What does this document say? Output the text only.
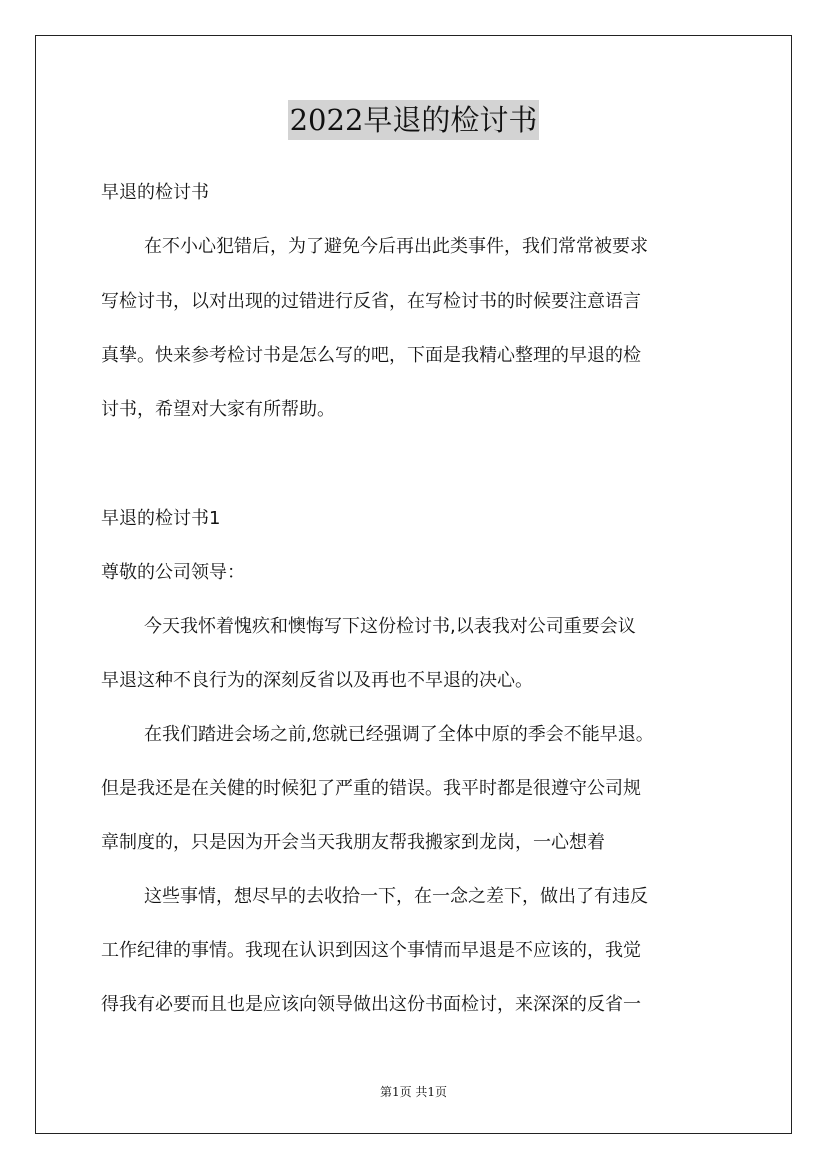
2022早退的检讨书
早退的检讨书
在不小心犯错后，为了避免今后再出此类事件，我们常常被要求
写检讨书，以对出现的过错进行反省，在写检讨书的时候要注意语言
真挚。快来参考检讨书是怎么写的吧，下面是我精心整理的早退的检
讨书，希望对大家有所帮助。
早退的检讨书1
尊敬的公司领导：
今天我怀着愧疚和懊悔写下这份检讨书,以表我对公司重要会议
早退这种不良行为的深刻反省以及再也不早退的决心。
在我们踏进会场之前,您就已经强调了全体中原的季会不能早退。
但是我还是在关健的时候犯了严重的错误。我平时都是很遵守公司规
章制度的，只是因为开会当天我朋友帮我搬家到龙岗，一心想着
这些事情，想尽早的去收拾一下，在一念之差下，做出了有违反
工作纪律的事情。我现在认识到因这个事情而早退是不应该的，我觉
得我有必要而且也是应该向领导做出这份书面检讨，来深深的反省一
第1页 共1页
